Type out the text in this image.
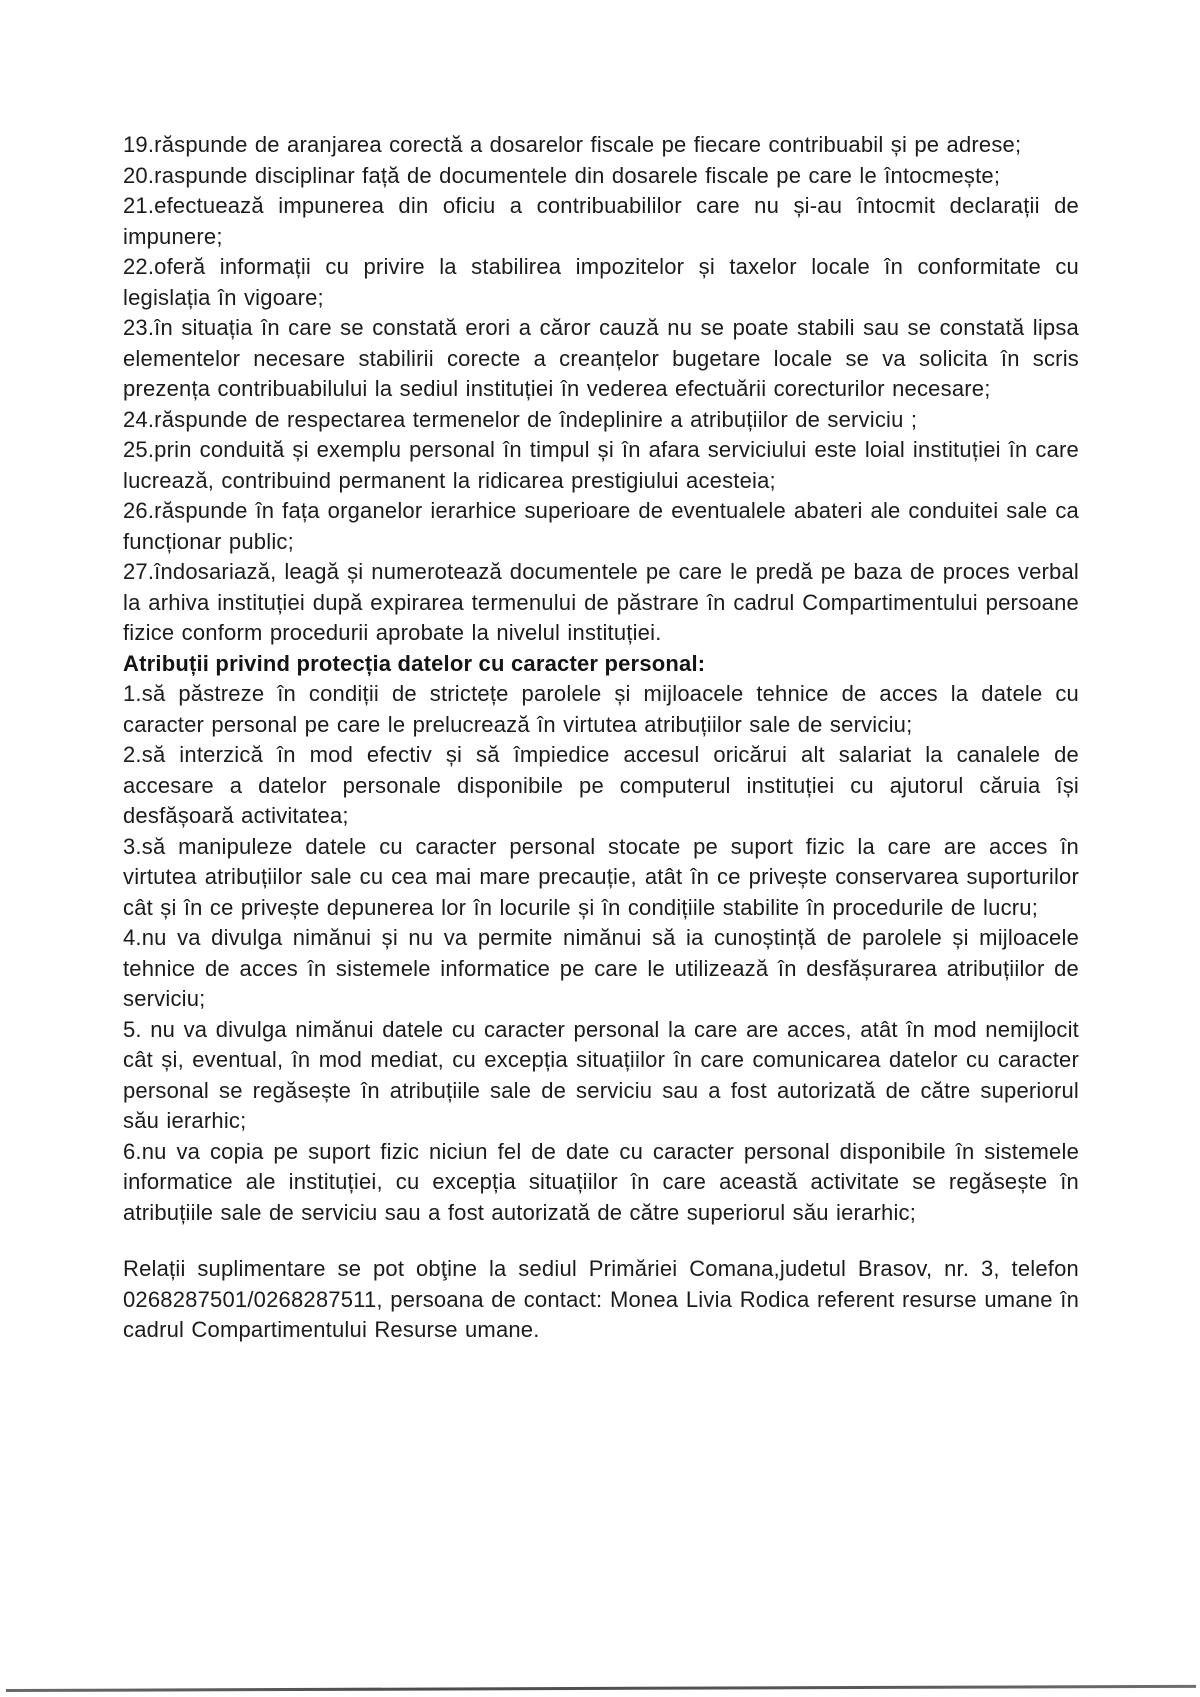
19.răspunde de aranjarea corectă a dosarelor fiscale pe fiecare contribuabil și pe adrese;

20.raspunde disciplinar față de documentele din dosarele fiscale pe care le întocmește;

21.efectuează impunerea din oficiu a contribuabililor care nu și-au întocmit declarații de impunere;

22.oferă informații cu privire la stabilirea impozitelor și taxelor locale în conformitate cu legislația în vigoare;

23.în situația în care se constată erori a căror cauză nu se poate stabili sau se constată lipsa elementelor necesare stabilirii corecte a creanțelor bugetare locale se va solicita în scris prezența contribuabilului la sediul instituției în vederea efectuării corecturilor necesare;

24.răspunde de respectarea termenelor de îndeplinire a atribuțiilor de serviciu ;

25.prin conduită și exemplu personal în timpul și în afara serviciului este loial instituției în care lucrează, contribuind permanent la ridicarea prestigiului acesteia;

26.răspunde în fața organelor ierarhice superioare de eventualele abateri ale conduitei sale ca funcționar public;

27.îndosariază, leagă și numerotează documentele pe care le predă pe baza de proces verbal la arhiva instituției după expirarea termenului de păstrare în cadrul Compartimentului persoane fizice conform procedurii aprobate la nivelul instituției.

Atribuții privind protecția datelor cu caracter personal:

1.să păstreze în condiții de strictețe parolele și mijloacele tehnice de acces la datele cu caracter personal pe care le prelucrează în virtutea atribuțiilor sale de serviciu;

2.să interzică în mod efectiv și să împiedice accesul oricărui alt salariat la canalele de accesare a datelor personale disponibile pe computerul instituției cu ajutorul căruia își desfășoară activitatea;

3.să manipuleze datele cu caracter personal stocate pe suport fizic la care are acces în virtutea atribuțiilor sale cu cea mai mare precauție, atât în ce privește conservarea suporturilor cât și în ce privește depunerea lor în locurile și în condițiile stabilite în procedurile de lucru;

4.nu va divulga nimănui și nu va permite nimănui să ia cunoștință de parolele și mijloacele tehnice de acces în sistemele informatice pe care le utilizează în desfășurarea atribuțiilor de serviciu;

5. nu va divulga nimănui datele cu caracter personal la care are acces, atât în mod nemijlocit cât și, eventual, în mod mediat, cu excepția situațiilor în care comunicarea datelor cu caracter personal se regăsește în atribuțiile sale de serviciu sau a fost autorizată de către superiorul său ierarhic;

6.nu va copia pe suport fizic niciun fel de date cu caracter personal disponibile în sistemele informatice ale instituției, cu excepția situațiilor în care această activitate se regăsește în atribuțiile sale de serviciu sau a fost autorizată de către superiorul său ierarhic;

Relații suplimentare se pot obţine la sediul Primăriei Comana,judetul Brasov, nr. 3, telefon 0268287501/0268287511, persoana de contact: Monea Livia Rodica referent resurse umane în cadrul Compartimentului Resurse umane.
